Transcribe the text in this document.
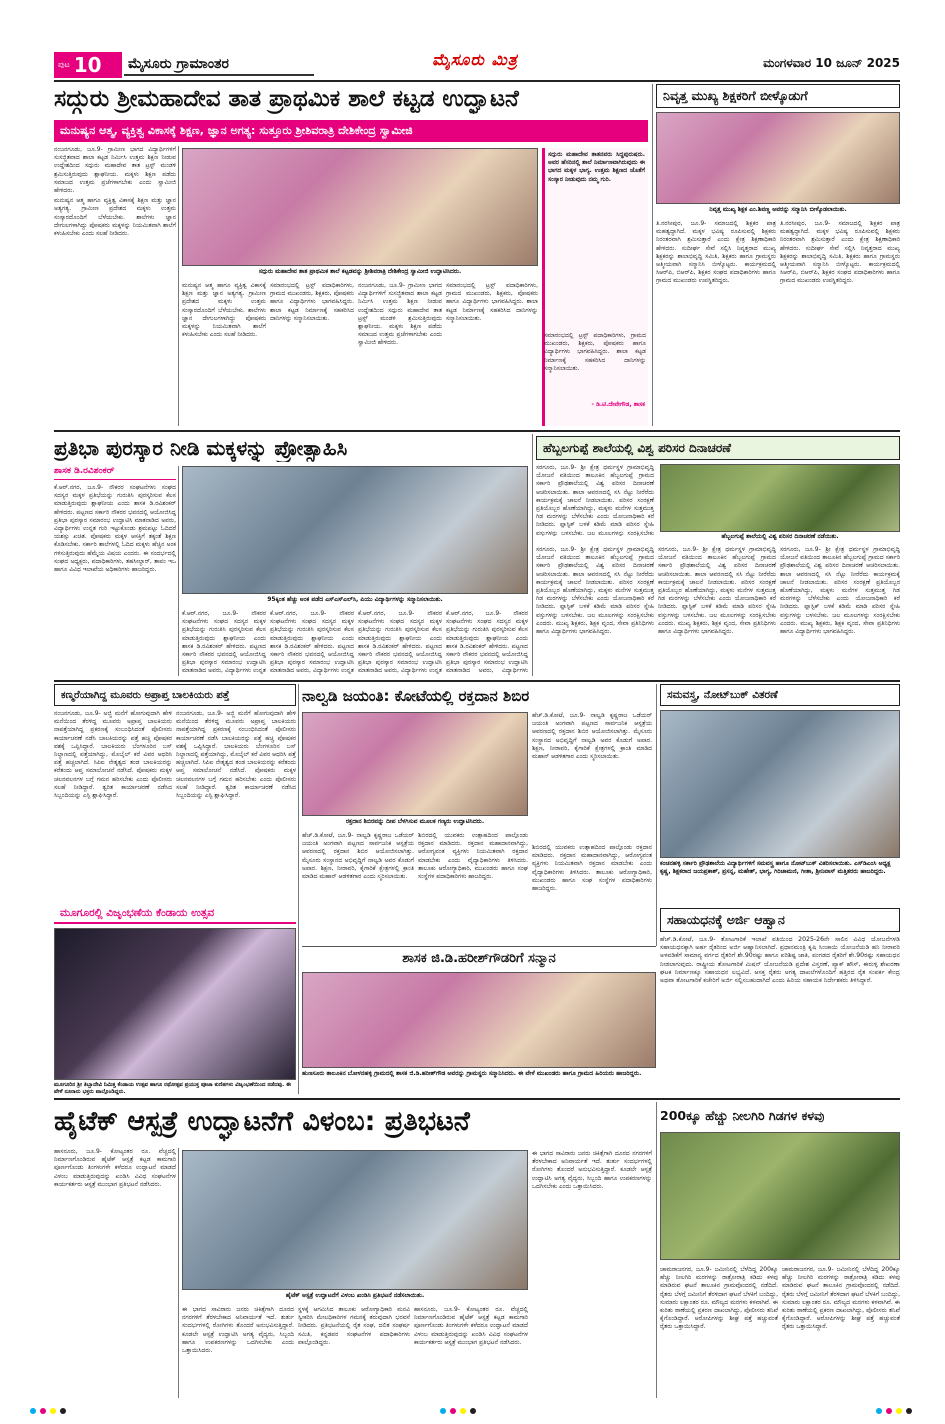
ಪುಟ 10 ಮೈಸೂರು ಗ್ರಾಮಾಂತರ	ಮೈಸೂರು ಮಿತ್ರ	ಮಂಗಳವಾರ 10 ಜೂನ್ 2025
ಸದ್ಗುರು ಶ್ರೀಮಹಾದೇವ ತಾತ ಪ್ರಾಥಮಿಕ ಶಾಲೆ ಕಟ್ಟಡ ಉದ್ಘಾಟನೆ
ಮನುಷ್ಯನ ಆತ್ಮ, ವ್ಯಕ್ತಿತ್ವ ವಿಕಾಸಕ್ಕೆ ಶಿಕ್ಷಣ, ಜ್ಞಾನ ಅಗತ್ಯ: ಸುತ್ತೂರು ಶ್ರೀಶಿವರಾತ್ರಿ ದೇಶಿಕೇಂದ್ರ ಸ್ವಾಮೀಜಿ

ನಂಜನಗೂಡು, ಜೂ.9- ಗ್ರಾಮೀಣ ಭಾಗದ ವಿದ್ಯಾರ್ಥಿಗಳಿಗೆ ಸುಸಜ್ಜಿತವಾದ ಶಾಲಾ ಕಟ್ಟಡ ನಿರ್ಮಿಸಿ ಉತ್ತಮ ಶಿಕ್ಷಣ ನೀಡುವ ಉದ್ದೇಶದಿಂದ ಸದ್ಗುರು ಮಹಾದೇವ ತಾತ ಟ್ರಸ್ಟ್ ಮಂಡಳಿ ಶ್ರಮಿಸುತ್ತಿರುವುದು ಶ್ಲಾಘನೀಯ. ಮಕ್ಕಳು ಶಿಕ್ಷಣ ಪಡೆದು ಸಮಾಜದ ಉತ್ತಮ ಪ್ರಜೆಗಳಾಗಬೇಕು ಎಂದು ಸ್ವಾಮೀಜಿ ಹೇಳಿದರು.

ಮನುಷ್ಯನ ಆತ್ಮ ಹಾಗೂ ವ್ಯಕ್ತಿತ್ವ ವಿಕಾಸಕ್ಕೆ ಶಿಕ್ಷಣ ಮತ್ತು ಜ್ಞಾನ ಅತ್ಯಗತ್ಯ. ಗ್ರಾಮೀಣ ಪ್ರದೇಶದ ಮಕ್ಕಳು ಉತ್ತಮ ಸಂಸ್ಕಾರದೊಂದಿಗೆ ಬೆಳೆಯಬೇಕು. ಶಾಲೆಗಳು ಜ್ಞಾನ ದೇಗುಲಗಳಾಗಿದ್ದು ಪೋಷಕರು ಮಕ್ಕಳನ್ನು ನಿಯಮಿತವಾಗಿ ಶಾಲೆಗೆ ಕಳುಹಿಸಬೇಕು ಎಂದು ಸಲಹೆ ನೀಡಿದರು.

ಸದ್ಗುರು ಮಹಾದೇವ ತಾತ ಪ್ರಾಥಮಿಕ ಶಾಲೆ ಕಟ್ಟಡವನ್ನು ಶ್ರೀಶಿವರಾತ್ರಿ ದೇಶಿಕೇಂದ್ರ ಸ್ವಾಮೀಜಿ ಉದ್ಘಾಟಿಸಿದರು.
ಮನುಷ್ಯನ ಆತ್ಮ ಹಾಗೂ ವ್ಯಕ್ತಿತ್ವ ವಿಕಾಸಕ್ಕೆ ಶಿಕ್ಷಣ ಮತ್ತು ಜ್ಞಾನ ಅತ್ಯಗತ್ಯ. ಗ್ರಾಮೀಣ ಪ್ರದೇಶದ ಮಕ್ಕಳು ಉತ್ತಮ ಸಂಸ್ಕಾರದೊಂದಿಗೆ ಬೆಳೆಯಬೇಕು. ಶಾಲೆಗಳು ಜ್ಞಾನ ದೇಗುಲಗಳಾಗಿದ್ದು ಪೋಷಕರು ಮಕ್ಕಳನ್ನು ನಿಯಮಿತವಾಗಿ ಶಾಲೆಗೆ ಕಳುಹಿಸಬೇಕು ಎಂದು ಸಲಹೆ ನೀಡಿದರು.
ಸಮಾರಂಭದಲ್ಲಿ ಟ್ರಸ್ಟ್ ಪದಾಧಿಕಾರಿಗಳು, ಗ್ರಾಮದ ಮುಖಂಡರು, ಶಿಕ್ಷಕರು, ಪೋಷಕರು ಹಾಗೂ ವಿದ್ಯಾರ್ಥಿಗಳು ಭಾಗವಹಿಸಿದ್ದರು. ಶಾಲಾ ಕಟ್ಟಡ ನಿರ್ಮಾಣಕ್ಕೆ ಸಹಕರಿಸಿದ ದಾನಿಗಳನ್ನು ಸನ್ಮಾನಿಸಲಾಯಿತು.
ನಂಜನಗೂಡು, ಜೂ.9- ಗ್ರಾಮೀಣ ಭಾಗದ ವಿದ್ಯಾರ್ಥಿಗಳಿಗೆ ಸುಸಜ್ಜಿತವಾದ ಶಾಲಾ ಕಟ್ಟಡ ನಿರ್ಮಿಸಿ ಉತ್ತಮ ಶಿಕ್ಷಣ ನೀಡುವ ಉದ್ದೇಶದಿಂದ ಸದ್ಗುರು ಮಹಾದೇವ ತಾತ ಟ್ರಸ್ಟ್ ಮಂಡಳಿ ಶ್ರಮಿಸುತ್ತಿರುವುದು ಶ್ಲಾಘನೀಯ. ಮಕ್ಕಳು ಶಿಕ್ಷಣ ಪಡೆದು ಸಮಾಜದ ಉತ್ತಮ ಪ್ರಜೆಗಳಾಗಬೇಕು ಎಂದು ಸ್ವಾಮೀಜಿ ಹೇಳಿದರು.
ಸಮಾರಂಭದಲ್ಲಿ ಟ್ರಸ್ಟ್ ಪದಾಧಿಕಾರಿಗಳು, ಗ್ರಾಮದ ಮುಖಂಡರು, ಶಿಕ್ಷಕರು, ಪೋಷಕರು ಹಾಗೂ ವಿದ್ಯಾರ್ಥಿಗಳು ಭಾಗವಹಿಸಿದ್ದರು. ಶಾಲಾ ಕಟ್ಟಡ ನಿರ್ಮಾಣಕ್ಕೆ ಸಹಕರಿಸಿದ ದಾನಿಗಳನ್ನು ಸನ್ಮಾನಿಸಲಾಯಿತು.
ಸದ್ಗುರು ಮಹಾದೇವ ತಾತನವರು ಸಿದ್ಧಪುರುಷರು. ಅವರ ಹೆಸರಿನಲ್ಲಿ ಶಾಲೆ ನಿರ್ಮಾಣವಾಗಿರುವುದು ಈ ಭಾಗದ ಮಕ್ಕಳ ಭಾಗ್ಯ. ಉತ್ತಮ ಶಿಕ್ಷಣದ ಜೊತೆಗೆ ಸಂಸ್ಕಾರ ನೀಡುವುದು ನಮ್ಮ ಗುರಿ.
- ಡಿ.ಟಿ.ದೇವೇಗೌಡ, ಶಾಸಕ
ಸಮಾರಂಭದಲ್ಲಿ ಟ್ರಸ್ಟ್ ಪದಾಧಿಕಾರಿಗಳು, ಗ್ರಾಮದ ಮುಖಂಡರು, ಶಿಕ್ಷಕರು, ಪೋಷಕರು ಹಾಗೂ ವಿದ್ಯಾರ್ಥಿಗಳು ಭಾಗವಹಿಸಿದ್ದರು. ಶಾಲಾ ಕಟ್ಟಡ ನಿರ್ಮಾಣಕ್ಕೆ ಸಹಕರಿಸಿದ ದಾನಿಗಳನ್ನು ಸನ್ಮಾನಿಸಲಾಯಿತು.
ನಿವೃತ್ತ ಮುಖ್ಯ ಶಿಕ್ಷಕರಿಗೆ ಬೀಳ್ಕೊಡುಗೆ
ನಿವೃತ್ತ ಮುಖ್ಯ ಶಿಕ್ಷಕ ಎಂ.ಶಿವಣ್ಣ ಅವರನ್ನು ಸನ್ಮಾನಿಸಿ ಬೀಳ್ಕೊಡಲಾಯಿತು.
ತಿ.ನರಸೀಪುರ, ಜೂ.9- ಸಮಾಜದಲ್ಲಿ ಶಿಕ್ಷಕರ ಪಾತ್ರ ಮಹತ್ವದ್ದಾಗಿದೆ. ಮಕ್ಕಳ ಭವಿಷ್ಯ ರೂಪಿಸುವಲ್ಲಿ ಶಿಕ್ಷಕರು ನಿರಂತರವಾಗಿ ಶ್ರಮಿಸುತ್ತಾರೆ ಎಂದು ಕ್ಷೇತ್ರ ಶಿಕ್ಷಣಾಧಿಕಾರಿ ಹೇಳಿದರು. ಸುದೀರ್ಘ ಸೇವೆ ಸಲ್ಲಿಸಿ ನಿವೃತ್ತರಾದ ಮುಖ್ಯ ಶಿಕ್ಷಕರನ್ನು ಶಾಲಾಭಿವೃದ್ಧಿ ಸಮಿತಿ, ಶಿಕ್ಷಕರು ಹಾಗೂ ಗ್ರಾಮಸ್ಥರು ಆತ್ಮೀಯವಾಗಿ ಸನ್ಮಾನಿಸಿ ಬೀಳ್ಕೊಟ್ಟರು. ಕಾರ್ಯಕ್ರಮದಲ್ಲಿ ಸಿಆರ್‌ಪಿ, ಬಿಆರ್‌ಪಿ, ಶಿಕ್ಷಕರ ಸಂಘದ ಪದಾಧಿಕಾರಿಗಳು ಹಾಗೂ ಗ್ರಾಮದ ಮುಖಂಡರು ಉಪಸ್ಥಿತರಿದ್ದರು.
ತಿ.ನರಸೀಪುರ, ಜೂ.9- ಸಮಾಜದಲ್ಲಿ ಶಿಕ್ಷಕರ ಪಾತ್ರ ಮಹತ್ವದ್ದಾಗಿದೆ. ಮಕ್ಕಳ ಭವಿಷ್ಯ ರೂಪಿಸುವಲ್ಲಿ ಶಿಕ್ಷಕರು ನಿರಂತರವಾಗಿ ಶ್ರಮಿಸುತ್ತಾರೆ ಎಂದು ಕ್ಷೇತ್ರ ಶಿಕ್ಷಣಾಧಿಕಾರಿ ಹೇಳಿದರು. ಸುದೀರ್ಘ ಸೇವೆ ಸಲ್ಲಿಸಿ ನಿವೃತ್ತರಾದ ಮುಖ್ಯ ಶಿಕ್ಷಕರನ್ನು ಶಾಲಾಭಿವೃದ್ಧಿ ಸಮಿತಿ, ಶಿಕ್ಷಕರು ಹಾಗೂ ಗ್ರಾಮಸ್ಥರು ಆತ್ಮೀಯವಾಗಿ ಸನ್ಮಾನಿಸಿ ಬೀಳ್ಕೊಟ್ಟರು. ಕಾರ್ಯಕ್ರಮದಲ್ಲಿ ಸಿಆರ್‌ಪಿ, ಬಿಆರ್‌ಪಿ, ಶಿಕ್ಷಕರ ಸಂಘದ ಪದಾಧಿಕಾರಿಗಳು ಹಾಗೂ ಗ್ರಾಮದ ಮುಖಂಡರು ಉಪಸ್ಥಿತರಿದ್ದರು.
ಪ್ರತಿಭಾ ಪುರಸ್ಕಾರ ನೀಡಿ ಮಕ್ಕಳನ್ನು ಪ್ರೋತ್ಸಾಹಿಸಿ
ಶಾಸಕ ಡಿ.ರವಿಶಂಕರ್
ಕೆ.ಆರ್.ನಗರ, ಜೂ.9- ನೌಕರರ ಸಂಘಟನೆಗಳು ಸಂಘದ ಸದಸ್ಯರ ಮಕ್ಕಳ ಪ್ರತಿಭೆಯನ್ನು ಗುರುತಿಸಿ ಪುರಸ್ಕರಿಸುವ ಕೆಲಸ ಮಾಡುತ್ತಿರುವುದು ಶ್ಲಾಘನೀಯ ಎಂದು ಶಾಸಕ ಡಿ.ರವಿಶಂಕರ್ ಹೇಳಿದರು. ಪಟ್ಟಣದ ಸರ್ಕಾರಿ ನೌಕರರ ಭವನದಲ್ಲಿ ಆಯೋಜಿಸಿದ್ದ ಪ್ರತಿಭಾ ಪುರಸ್ಕಾರ ಸಮಾರಂಭ ಉದ್ಘಾಟಿಸಿ ಮಾತನಾಡಿದ ಅವರು, ವಿದ್ಯಾರ್ಥಿಗಳು ಉನ್ನತ ಗುರಿ ಇಟ್ಟುಕೊಂಡು ಶ್ರಮಪಟ್ಟು ಓದಿದರೆ ಯಶಸ್ಸು ಖಚಿತ. ಪೋಷಕರು ಮಕ್ಕಳ ಆಸಕ್ತಿಗೆ ತಕ್ಕಂತೆ ಶಿಕ್ಷಣ ಕೊಡಿಸಬೇಕು. ಸರ್ಕಾರಿ ಶಾಲೆಗಳಲ್ಲಿ ಓದಿದ ಮಕ್ಕಳು ಹೆಚ್ಚಿನ ಅಂಕ ಗಳಿಸುತ್ತಿರುವುದು ಹೆಮ್ಮೆಯ ವಿಷಯ ಎಂದರು. ಈ ಸಂದರ್ಭದಲ್ಲಿ ಸಂಘದ ಅಧ್ಯಕ್ಷರು, ಪದಾಧಿಕಾರಿಗಳು, ತಹಸೀಲ್ದಾರ್, ತಾಪಂ ಇಒ ಹಾಗೂ ವಿವಿಧ ಇಲಾಖೆಯ ಅಧಿಕಾರಿಗಳು ಹಾಜರಿದ್ದರು.
95ಕ್ಕಿಂತ ಹೆಚ್ಚು ಅಂಕ ಪಡೆದ ಎಸ್‌ಎಸ್‌ಎಲ್‌ಸಿ, ಪಿಯು ವಿದ್ಯಾರ್ಥಿಗಳನ್ನು ಸನ್ಮಾನಿಸಲಾಯಿತು.
ಕೆ.ಆರ್.ನಗರ, ಜೂ.9- ನೌಕರರ ಸಂಘಟನೆಗಳು ಸಂಘದ ಸದಸ್ಯರ ಮಕ್ಕಳ ಪ್ರತಿಭೆಯನ್ನು ಗುರುತಿಸಿ ಪುರಸ್ಕರಿಸುವ ಕೆಲಸ ಮಾಡುತ್ತಿರುವುದು ಶ್ಲಾಘನೀಯ ಎಂದು ಶಾಸಕ ಡಿ.ರವಿಶಂಕರ್ ಹೇಳಿದರು. ಪಟ್ಟಣದ ಸರ್ಕಾರಿ ನೌಕರರ ಭವನದಲ್ಲಿ ಆಯೋಜಿಸಿದ್ದ ಪ್ರತಿಭಾ ಪುರಸ್ಕಾರ ಸಮಾರಂಭ ಉದ್ಘಾಟಿಸಿ ಮಾತನಾಡಿದ ಅವರು, ವಿದ್ಯಾರ್ಥಿಗಳು ಉನ್ನತ
ಕೆ.ಆರ್.ನಗರ, ಜೂ.9- ನೌಕರರ ಸಂಘಟನೆಗಳು ಸಂಘದ ಸದಸ್ಯರ ಮಕ್ಕಳ ಪ್ರತಿಭೆಯನ್ನು ಗುರುತಿಸಿ ಪುರಸ್ಕರಿಸುವ ಕೆಲಸ ಮಾಡುತ್ತಿರುವುದು ಶ್ಲಾಘನೀಯ ಎಂದು ಶಾಸಕ ಡಿ.ರವಿಶಂಕರ್ ಹೇಳಿದರು. ಪಟ್ಟಣದ ಸರ್ಕಾರಿ ನೌಕರರ ಭವನದಲ್ಲಿ ಆಯೋಜಿಸಿದ್ದ ಪ್ರತಿಭಾ ಪುರಸ್ಕಾರ ಸಮಾರಂಭ ಉದ್ಘಾಟಿಸಿ ಮಾತನಾಡಿದ ಅವರು, ವಿದ್ಯಾರ್ಥಿಗಳು ಉನ್ನತ
ಕೆ.ಆರ್.ನಗರ, ಜೂ.9- ನೌಕರರ ಸಂಘಟನೆಗಳು ಸಂಘದ ಸದಸ್ಯರ ಮಕ್ಕಳ ಪ್ರತಿಭೆಯನ್ನು ಗುರುತಿಸಿ ಪುರಸ್ಕರಿಸುವ ಕೆಲಸ ಮಾಡುತ್ತಿರುವುದು ಶ್ಲಾಘನೀಯ ಎಂದು ಶಾಸಕ ಡಿ.ರವಿಶಂಕರ್ ಹೇಳಿದರು. ಪಟ್ಟಣದ ಸರ್ಕಾರಿ ನೌಕರರ ಭವನದಲ್ಲಿ ಆಯೋಜಿಸಿದ್ದ ಪ್ರತಿಭಾ ಪುರಸ್ಕಾರ ಸಮಾರಂಭ ಉದ್ಘಾಟಿಸಿ ಮಾತನಾಡಿದ ಅವರು, ವಿದ್ಯಾರ್ಥಿಗಳು ಉನ್ನತ
ಕೆ.ಆರ್.ನಗರ, ಜೂ.9- ನೌಕರರ ಸಂಘಟನೆಗಳು ಸಂಘದ ಸದಸ್ಯರ ಮಕ್ಕಳ ಪ್ರತಿಭೆಯನ್ನು ಗುರುತಿಸಿ ಪುರಸ್ಕರಿಸುವ ಕೆಲಸ ಮಾಡುತ್ತಿರುವುದು ಶ್ಲಾಘನೀಯ ಎಂದು ಶಾಸಕ ಡಿ.ರವಿಶಂಕರ್ ಹೇಳಿದರು. ಪಟ್ಟಣದ ಸರ್ಕಾರಿ ನೌಕರರ ಭವನದಲ್ಲಿ ಆಯೋಜಿಸಿದ್ದ ಪ್ರತಿಭಾ ಪುರಸ್ಕಾರ ಸಮಾರಂಭ ಉದ್ಘಾಟಿಸಿ ಮಾತನಾಡಿದ ಅವರು, ವಿದ್ಯಾರ್ಥಿಗಳು
ಹೆಬ್ಬಲಗುಪ್ಪೆ ಶಾಲೆಯಲ್ಲಿ ವಿಶ್ವ ಪರಿಸರ ದಿನಾಚರಣೆ
ಸರಗೂರು, ಜೂ.9- ಶ್ರೀ ಕ್ಷೇತ್ರ ಧರ್ಮಸ್ಥಳ ಗ್ರಾಮಾಭಿವೃದ್ಧಿ ಯೋಜನೆ ವತಿಯಿಂದ ತಾಲೂಕಿನ ಹೆಬ್ಬಲಗುಪ್ಪೆ ಗ್ರಾಮದ ಸರ್ಕಾರಿ ಪ್ರೌಢಶಾಲೆಯಲ್ಲಿ ವಿಶ್ವ ಪರಿಸರ ದಿನಾಚರಣೆ ಆಚರಿಸಲಾಯಿತು. ಶಾಲಾ ಆವರಣದಲ್ಲಿ ಸಸಿ ನೆಟ್ಟು ನೀರೆರೆದು ಕಾರ್ಯಕ್ರಮಕ್ಕೆ ಚಾಲನೆ ನೀಡಲಾಯಿತು. ಪರಿಸರ ಸಂರಕ್ಷಣೆ ಪ್ರತಿಯೊಬ್ಬರ ಹೊಣೆಯಾಗಿದ್ದು, ಮಕ್ಕಳು ಮನೆಗಳ ಸುತ್ತಮುತ್ತ ಗಿಡ ಮರಗಳನ್ನು ಬೆಳೆಸಬೇಕು ಎಂದು ಯೋಜನಾಧಿಕಾರಿ ಕರೆ ನೀಡಿದರು. ಪ್ಲಾಸ್ಟಿಕ್ ಬಳಕೆ ಕಡಿಮೆ ಮಾಡಿ ಪರಿಸರ ಸ್ನೇಹಿ ವಸ್ತುಗಳನ್ನು ಬಳಸಬೇಕು. ಜಲ ಮೂಲಗಳನ್ನು ಸಂರಕ್ಷಿಸಬೇಕು	ಹೆಬ್ಬಲಗುಪ್ಪೆ ಶಾಲೆಯಲ್ಲಿ ವಿಶ್ವ ಪರಿಸರ ದಿನಾಚರಣೆ ನಡೆಯಿತು.
ಸರಗೂರು, ಜೂ.9- ಶ್ರೀ ಕ್ಷೇತ್ರ ಧರ್ಮಸ್ಥಳ ಗ್ರಾಮಾಭಿವೃದ್ಧಿ ಯೋಜನೆ ವತಿಯಿಂದ ತಾಲೂಕಿನ ಹೆಬ್ಬಲಗುಪ್ಪೆ ಗ್ರಾಮದ ಸರ್ಕಾರಿ ಪ್ರೌಢಶಾಲೆಯಲ್ಲಿ ವಿಶ್ವ ಪರಿಸರ ದಿನಾಚರಣೆ ಆಚರಿಸಲಾಯಿತು. ಶಾಲಾ ಆವರಣದಲ್ಲಿ ಸಸಿ ನೆಟ್ಟು ನೀರೆರೆದು ಕಾರ್ಯಕ್ರಮಕ್ಕೆ ಚಾಲನೆ ನೀಡಲಾಯಿತು. ಪರಿಸರ ಸಂರಕ್ಷಣೆ ಪ್ರತಿಯೊಬ್ಬರ ಹೊಣೆಯಾಗಿದ್ದು, ಮಕ್ಕಳು ಮನೆಗಳ ಸುತ್ತಮುತ್ತ ಗಿಡ ಮರಗಳನ್ನು ಬೆಳೆಸಬೇಕು ಎಂದು ಯೋಜನಾಧಿಕಾರಿ ಕರೆ ನೀಡಿದರು. ಪ್ಲಾಸ್ಟಿಕ್ ಬಳಕೆ ಕಡಿಮೆ ಮಾಡಿ ಪರಿಸರ ಸ್ನೇಹಿ ವಸ್ತುಗಳನ್ನು ಬಳಸಬೇಕು. ಜಲ ಮೂಲಗಳನ್ನು ಸಂರಕ್ಷಿಸಬೇಕು ಎಂದರು. ಮುಖ್ಯ ಶಿಕ್ಷಕರು, ಶಿಕ್ಷಕ ವೃಂದ, ಸೇವಾ ಪ್ರತಿನಿಧಿಗಳು ಹಾಗೂ ವಿದ್ಯಾರ್ಥಿಗಳು ಭಾಗವಹಿಸಿದ್ದರು.
ಸರಗೂರು, ಜೂ.9- ಶ್ರೀ ಕ್ಷೇತ್ರ ಧರ್ಮಸ್ಥಳ ಗ್ರಾಮಾಭಿವೃದ್ಧಿ ಯೋಜನೆ ವತಿಯಿಂದ ತಾಲೂಕಿನ ಹೆಬ್ಬಲಗುಪ್ಪೆ ಗ್ರಾಮದ ಸರ್ಕಾರಿ ಪ್ರೌಢಶಾಲೆಯಲ್ಲಿ ವಿಶ್ವ ಪರಿಸರ ದಿನಾಚರಣೆ ಆಚರಿಸಲಾಯಿತು. ಶಾಲಾ ಆವರಣದಲ್ಲಿ ಸಸಿ ನೆಟ್ಟು ನೀರೆರೆದು ಕಾರ್ಯಕ್ರಮಕ್ಕೆ ಚಾಲನೆ ನೀಡಲಾಯಿತು. ಪರಿಸರ ಸಂರಕ್ಷಣೆ ಪ್ರತಿಯೊಬ್ಬರ ಹೊಣೆಯಾಗಿದ್ದು, ಮಕ್ಕಳು ಮನೆಗಳ ಸುತ್ತಮುತ್ತ ಗಿಡ ಮರಗಳನ್ನು ಬೆಳೆಸಬೇಕು ಎಂದು ಯೋಜನಾಧಿಕಾರಿ ಕರೆ ನೀಡಿದರು. ಪ್ಲಾಸ್ಟಿಕ್ ಬಳಕೆ ಕಡಿಮೆ ಮಾಡಿ ಪರಿಸರ ಸ್ನೇಹಿ ವಸ್ತುಗಳನ್ನು ಬಳಸಬೇಕು. ಜಲ ಮೂಲಗಳನ್ನು ಸಂರಕ್ಷಿಸಬೇಕು ಎಂದರು. ಮುಖ್ಯ ಶಿಕ್ಷಕರು, ಶಿಕ್ಷಕ ವೃಂದ, ಸೇವಾ ಪ್ರತಿನಿಧಿಗಳು ಹಾಗೂ ವಿದ್ಯಾರ್ಥಿಗಳು ಭಾಗವಹಿಸಿದ್ದರು.
ಸರಗೂರು, ಜೂ.9- ಶ್ರೀ ಕ್ಷೇತ್ರ ಧರ್ಮಸ್ಥಳ ಗ್ರಾಮಾಭಿವೃದ್ಧಿ ಯೋಜನೆ ವತಿಯಿಂದ ತಾಲೂಕಿನ ಹೆಬ್ಬಲಗುಪ್ಪೆ ಗ್ರಾಮದ ಸರ್ಕಾರಿ ಪ್ರೌಢಶಾಲೆಯಲ್ಲಿ ವಿಶ್ವ ಪರಿಸರ ದಿನಾಚರಣೆ ಆಚರಿಸಲಾಯಿತು. ಶಾಲಾ ಆವರಣದಲ್ಲಿ ಸಸಿ ನೆಟ್ಟು ನೀರೆರೆದು ಕಾರ್ಯಕ್ರಮಕ್ಕೆ ಚಾಲನೆ ನೀಡಲಾಯಿತು. ಪರಿಸರ ಸಂರಕ್ಷಣೆ ಪ್ರತಿಯೊಬ್ಬರ ಹೊಣೆಯಾಗಿದ್ದು, ಮಕ್ಕಳು ಮನೆಗಳ ಸುತ್ತಮುತ್ತ ಗಿಡ ಮರಗಳನ್ನು ಬೆಳೆಸಬೇಕು ಎಂದು ಯೋಜನಾಧಿಕಾರಿ ಕರೆ ನೀಡಿದರು. ಪ್ಲಾಸ್ಟಿಕ್ ಬಳಕೆ ಕಡಿಮೆ ಮಾಡಿ ಪರಿಸರ ಸ್ನೇಹಿ ವಸ್ತುಗಳನ್ನು ಬಳಸಬೇಕು. ಜಲ ಮೂಲಗಳನ್ನು ಸಂರಕ್ಷಿಸಬೇಕು ಎಂದರು. ಮುಖ್ಯ ಶಿಕ್ಷಕರು, ಶಿಕ್ಷಕ ವೃಂದ, ಸೇವಾ ಪ್ರತಿನಿಧಿಗಳು ಹಾಗೂ ವಿದ್ಯಾರ್ಥಿಗಳು ಭಾಗವಹಿಸಿದ್ದರು.
ಕಣ್ಮರೆಯಾಗಿದ್ದ ಮೂವರು ಅಪ್ರಾಪ್ತ ಬಾಲಕಿಯರು ಪತ್ತೆ
ನಂಜನಗೂಡು, ಜೂ.9- ಅಜ್ಜಿ ಮನೆಗೆ ಹೋಗುವುದಾಗಿ ಹೇಳಿ ಮನೆಯಿಂದ ತೆರಳಿದ್ದ ಮೂವರು ಅಪ್ರಾಪ್ತ ಬಾಲಕಿಯರು ನಾಪತ್ತೆಯಾಗಿದ್ದ ಪ್ರಕರಣಕ್ಕೆ ಸಂಬಂಧಿಸಿದಂತೆ ಪೊಲೀಸರು ಕಾರ್ಯಾಚರಣೆ ನಡೆಸಿ ಬಾಲಕಿಯರನ್ನು ಪತ್ತೆ ಹಚ್ಚಿ ಪೋಷಕರ ವಶಕ್ಕೆ ಒಪ್ಪಿಸಿದ್ದಾರೆ. ಬಾಲಕಿಯರು ಬೆಂಗಳೂರಿನ ಬಸ್ ನಿಲ್ದಾಣದಲ್ಲಿ ಪತ್ತೆಯಾಗಿದ್ದು, ಮೊಬೈಲ್ ಕರೆ ವಿವರ ಆಧರಿಸಿ ಪತ್ತೆ ಹಚ್ಚಲಾಗಿದೆ. ಸಿಪಿಐ ನೇತೃತ್ವದ ತಂಡ ಬಾಲಕಿಯರನ್ನು ಕರೆತಂದು ಆಪ್ತ ಸಮಾಲೋಚನೆ ನಡೆಸಿದೆ. ಪೋಷಕರು ಮಕ್ಕಳ ಚಲನವಲನಗಳ ಬಗ್ಗೆ ಗಮನ ಹರಿಸಬೇಕು ಎಂದು ಪೊಲೀಸರು ಸಲಹೆ ನೀಡಿದ್ದಾರೆ. ತ್ವರಿತ ಕಾರ್ಯಾಚರಣೆ ನಡೆಸಿದ ಸಿಬ್ಬಂದಿಯನ್ನು ಎಸ್ಪಿ ಶ್ಲಾಘಿಸಿದ್ದಾರೆ.
ನಂಜನಗೂಡು, ಜೂ.9- ಅಜ್ಜಿ ಮನೆಗೆ ಹೋಗುವುದಾಗಿ ಹೇಳಿ ಮನೆಯಿಂದ ತೆರಳಿದ್ದ ಮೂವರು ಅಪ್ರಾಪ್ತ ಬಾಲಕಿಯರು ನಾಪತ್ತೆಯಾಗಿದ್ದ ಪ್ರಕರಣಕ್ಕೆ ಸಂಬಂಧಿಸಿದಂತೆ ಪೊಲೀಸರು ಕಾರ್ಯಾಚರಣೆ ನಡೆಸಿ ಬಾಲಕಿಯರನ್ನು ಪತ್ತೆ ಹಚ್ಚಿ ಪೋಷಕರ ವಶಕ್ಕೆ ಒಪ್ಪಿಸಿದ್ದಾರೆ. ಬಾಲಕಿಯರು ಬೆಂಗಳೂರಿನ ಬಸ್ ನಿಲ್ದಾಣದಲ್ಲಿ ಪತ್ತೆಯಾಗಿದ್ದು, ಮೊಬೈಲ್ ಕರೆ ವಿವರ ಆಧರಿಸಿ ಪತ್ತೆ ಹಚ್ಚಲಾಗಿದೆ. ಸಿಪಿಐ ನೇತೃತ್ವದ ತಂಡ ಬಾಲಕಿಯರನ್ನು ಕರೆತಂದು ಆಪ್ತ ಸಮಾಲೋಚನೆ ನಡೆಸಿದೆ. ಪೋಷಕರು ಮಕ್ಕಳ ಚಲನವಲನಗಳ ಬಗ್ಗೆ ಗಮನ ಹರಿಸಬೇಕು ಎಂದು ಪೊಲೀಸರು ಸಲಹೆ ನೀಡಿದ್ದಾರೆ. ತ್ವರಿತ ಕಾರ್ಯಾಚರಣೆ ನಡೆಸಿದ ಸಿಬ್ಬಂದಿಯನ್ನು ಎಸ್ಪಿ ಶ್ಲಾಘಿಸಿದ್ದಾರೆ.
ಮೂಗೂರಲ್ಲಿ ವಿಜೃಂಭಣೆಯ ಕೆಂಡಾಯ ಉತ್ಸವ
ನಾಲ್ವಡಿ ಜಯಂತಿ: ಕೋಟೆಯಲ್ಲಿ ರಕ್ತದಾನ ಶಿಬಿರ
ರಕ್ತದಾನ ಶಿಬಿರವನ್ನು ದೀಪ ಬೆಳಗಿಸುವ ಮೂಲಕ ಗಣ್ಯರು ಉದ್ಘಾಟಿಸಿದರು.
ಹೆಚ್.ಡಿ.ಕೋಟೆ, ಜೂ.9- ನಾಲ್ವಡಿ ಕೃಷ್ಣರಾಜ ಒಡೆಯರ್ ಜಯಂತಿ ಅಂಗವಾಗಿ ಪಟ್ಟಣದ ಸಾರ್ವಜನಿಕ ಆಸ್ಪತ್ರೆಯ ಆವರಣದಲ್ಲಿ ರಕ್ತದಾನ ಶಿಬಿರ ಆಯೋಜಿಸಲಾಗಿತ್ತು. ಮೈಸೂರು ಸಂಸ್ಥಾನದ ಅಭಿವೃದ್ಧಿಗೆ ನಾಲ್ವಡಿ ಅವರ ಕೊಡುಗೆ ಅಪಾರ. ಶಿಕ್ಷಣ, ನೀರಾವರಿ, ಕೈಗಾರಿಕೆ ಕ್ಷೇತ್ರಗಳಲ್ಲಿ ಕ್ರಾಂತಿ ಮಾಡಿದ ಮಹಾನ್ ಆಡಳಿತಗಾರ ಎಂದು ಸ್ಮರಿಸಲಾಯಿತು.
ಹೆಚ್.ಡಿ.ಕೋಟೆ, ಜೂ.9- ನಾಲ್ವಡಿ ಕೃಷ್ಣರಾಜ ಒಡೆಯರ್ ಜಯಂತಿ ಅಂಗವಾಗಿ ಪಟ್ಟಣದ ಸಾರ್ವಜನಿಕ ಆಸ್ಪತ್ರೆಯ ಆವರಣದಲ್ಲಿ ರಕ್ತದಾನ ಶಿಬಿರ ಆಯೋಜಿಸಲಾಗಿತ್ತು. ಮೈಸೂರು ಸಂಸ್ಥಾನದ ಅಭಿವೃದ್ಧಿಗೆ ನಾಲ್ವಡಿ ಅವರ ಕೊಡುಗೆ ಅಪಾರ. ಶಿಕ್ಷಣ, ನೀರಾವರಿ, ಕೈಗಾರಿಕೆ ಕ್ಷೇತ್ರಗಳಲ್ಲಿ ಕ್ರಾಂತಿ ಮಾಡಿದ ಮಹಾನ್ ಆಡಳಿತಗಾರ ಎಂದು ಸ್ಮರಿಸಲಾಯಿತು.
ಶಿಬಿರದಲ್ಲಿ ಯುವಕರು ಉತ್ಸಾಹದಿಂದ ಪಾಲ್ಗೊಂಡು ರಕ್ತದಾನ ಮಾಡಿದರು. ರಕ್ತದಾನ ಮಹಾದಾನವಾಗಿದ್ದು, ಆರೋಗ್ಯವಂತ ವ್ಯಕ್ತಿಗಳು ನಿಯಮಿತವಾಗಿ ರಕ್ತದಾನ ಮಾಡಬೇಕು ಎಂದು ವೈದ್ಯಾಧಿಕಾರಿಗಳು ತಿಳಿಸಿದರು. ತಾಲೂಕು ಆರೋಗ್ಯಾಧಿಕಾರಿ, ಮುಖಂಡರು ಹಾಗೂ ಸಂಘ ಸಂಸ್ಥೆಗಳ ಪದಾಧಿಕಾರಿಗಳು ಹಾಜರಿದ್ದರು.
ಶಿಬಿರದಲ್ಲಿ ಯುವಕರು ಉತ್ಸಾಹದಿಂದ ಪಾಲ್ಗೊಂಡು ರಕ್ತದಾನ ಮಾಡಿದರು. ರಕ್ತದಾನ ಮಹಾದಾನವಾಗಿದ್ದು, ಆರೋಗ್ಯವಂತ ವ್ಯಕ್ತಿಗಳು ನಿಯಮಿತವಾಗಿ ರಕ್ತದಾನ ಮಾಡಬೇಕು ಎಂದು ವೈದ್ಯಾಧಿಕಾರಿಗಳು ತಿಳಿಸಿದರು. ತಾಲೂಕು ಆರೋಗ್ಯಾಧಿಕಾರಿ, ಮುಖಂಡರು ಹಾಗೂ ಸಂಘ ಸಂಸ್ಥೆಗಳ ಪದಾಧಿಕಾರಿಗಳು ಹಾಜರಿದ್ದರು.
ಸಮವಸ್ತ್ರ, ನೋಟ್‌ಬುಕ್ ವಿತರಣೆ
ಕಂಚನಹಳ್ಳಿ ಸರ್ಕಾರಿ ಪ್ರೌಢಶಾಲೆಯ ವಿದ್ಯಾರ್ಥಿಗಳಿಗೆ ಸಮವಸ್ತ್ರ ಹಾಗೂ ನೋಟ್‌ಬುಕ್ ವಿತರಿಸಲಾಯಿತು. ಎಸ್‌ಡಿಎಂಸಿ ಅಧ್ಯಕ್ಷ ಕೃಷ್ಣ, ಶಿಕ್ಷಕರಾದ ಜಯಪ್ರಕಾಶ್, ಪ್ರಸನ್ನ, ಮಹೇಶ್, ಭಾಗ್ಯ, ಗಿರಿಜಾಮಣಿ, ಗೀತಾ, ಶ್ರೀನಿವಾಸ್ ಮತ್ತಿತರರು ಹಾಜರಿದ್ದರು.
ಸಹಾಯಧನಕ್ಕೆ ಅರ್ಜಿ ಆಹ್ವಾನ
ಹೆಚ್.ಡಿ.ಕೋಟೆ, ಜೂ.9- ತೋಟಗಾರಿಕೆ ಇಲಾಖೆ ವತಿಯಿಂದ 2025-26ನೇ ಸಾಲಿನ ವಿವಿಧ ಯೋಜನೆಗಳಡಿ ಸಹಾಯಧನಕ್ಕಾಗಿ ಅರ್ಹ ರೈತರಿಂದ ಅರ್ಜಿ ಆಹ್ವಾನಿಸಲಾಗಿದೆ. ಪ್ರಧಾನಮಂತ್ರಿ ಕೃಷಿ ಸಿಂಚಾಯಿ ಯೋಜನೆಯಡಿ ಹನಿ ನೀರಾವರಿ ಅಳವಡಿಕೆಗೆ ಸಾಮಾನ್ಯ ವರ್ಗದ ರೈತರಿಗೆ ಶೇ.90ರಷ್ಟು ಹಾಗೂ ಪರಿಶಿಷ್ಟ ಜಾತಿ, ಪಂಗಡದ ರೈತರಿಗೆ ಶೇ.90ರಷ್ಟು ಸಹಾಯಧನ ನೀಡಲಾಗುವುದು. ರಾಷ್ಟ್ರೀಯ ತೋಟಗಾರಿಕೆ ಮಿಷನ್ ಯೋಜನೆಯಡಿ ಪ್ರದೇಶ ವಿಸ್ತರಣೆ, ಪ್ಯಾಕ್ ಹೌಸ್, ಈರುಳ್ಳಿ ಶೇಖರಣಾ ಘಟಕ ನಿರ್ಮಾಣಕ್ಕೂ ಸಹಾಯಧನ ಲಭ್ಯವಿದೆ. ಆಸಕ್ತ ರೈತರು ಅಗತ್ಯ ದಾಖಲೆಗಳೊಂದಿಗೆ ಹತ್ತಿರದ ರೈತ ಸಂಪರ್ಕ ಕೇಂದ್ರ ಅಥವಾ ತೋಟಗಾರಿಕೆ ಕಚೇರಿಗೆ ಅರ್ಜಿ ಸಲ್ಲಿಸಬಹುದಾಗಿದೆ ಎಂದು ಹಿರಿಯ ಸಹಾಯಕ ನಿರ್ದೇಶಕರು ತಿಳಿಸಿದ್ದಾರೆ.
ಶಾಸಕ ಜಿ.ಡಿ.ಹರೀಶ್‌ಗೌಡರಿಗೆ ಸನ್ಮಾನ
ಹುಣಸೂರು ತಾಲೂಕಿನ ಬೋಳನಹಳ್ಳಿ ಗ್ರಾಮದಲ್ಲಿ ಶಾಸಕ ಜಿ.ಡಿ.ಹರೀಶ್‌ಗೌಡ ಅವರನ್ನು ಗ್ರಾಮಸ್ಥರು ಸನ್ಮಾನಿಸಿದರು. ಈ ವೇಳೆ ಮುಖಂಡರು ಹಾಗೂ ಗ್ರಾಮದ ಹಿರಿಯರು ಹಾಜರಿದ್ದರು.
ಮೂಗೂರಿನ ಶ್ರೀ ತಿಬ್ಬಾದೇವಿ ನಿಮಿತ್ತ ಕೆಂಡಾಯ ಉತ್ಸವ ಹಾಗೂ ರಥೋತ್ಸವ ಪ್ರಯುಕ್ತ ಪೂಜಾ ಕುಣಿತಗಳು ವಿಜೃಂಭಣೆಯಿಂದ ನಡೆದವು. ಈ ವೇಳೆ ನೂರಾರು ಭಕ್ತರು ಪಾಲ್ಗೊಂಡಿದ್ದರು.
ಹೈಟೆಕ್ ಆಸ್ಪತ್ರೆ ಉದ್ಘಾಟನೆಗೆ ವಿಳಂಬ: ಪ್ರತಿಭಟನೆ
ಹಾಸನೂರು, ಜೂ.9- ಕೋಟ್ಯಂತರ ರೂ. ವೆಚ್ಚದಲ್ಲಿ ನಿರ್ಮಾಣಗೊಂಡಿರುವ ಹೈಟೆಕ್ ಆಸ್ಪತ್ರೆ ಕಟ್ಟಡ ಕಾಮಗಾರಿ ಪೂರ್ಣಗೊಂಡು ತಿಂಗಳುಗಳೇ ಕಳೆದರೂ ಉದ್ಘಾಟನೆ ಮಾಡದೆ ವಿಳಂಬ ಮಾಡುತ್ತಿರುವುದನ್ನು ಖಂಡಿಸಿ ವಿವಿಧ ಸಂಘಟನೆಗಳ ಕಾರ್ಯಕರ್ತರು ಆಸ್ಪತ್ರೆ ಮುಂಭಾಗ ಪ್ರತಿಭಟನೆ ನಡೆಸಿದರು.
ಹೈಟೆಕ್ ಆಸ್ಪತ್ರೆ ಉದ್ಘಾಟನೆಗೆ ವಿಳಂಬ ಖಂಡಿಸಿ ಪ್ರತಿಭಟನೆ ನಡೆಸಲಾಯಿತು.
ಈ ಭಾಗದ ಸಾವಿರಾರು ಜನರು ಚಿಕಿತ್ಸೆಗಾಗಿ ದೂರದ ನಗರಗಳಿಗೆ ತೆರಳಬೇಕಾದ ಅನಿವಾರ್ಯತೆ ಇದೆ. ತುರ್ತು ಸಂದರ್ಭಗಳಲ್ಲಿ ರೋಗಿಗಳು ತೊಂದರೆ ಅನುಭವಿಸುತ್ತಿದ್ದಾರೆ. ಕೂಡಲೇ ಆಸ್ಪತ್ರೆ ಉದ್ಘಾಟಿಸಿ ಅಗತ್ಯ ವೈದ್ಯರು, ಸಿಬ್ಬಂದಿ ಹಾಗೂ ಉಪಕರಣಗಳನ್ನು ಒದಗಿಸಬೇಕು ಎಂದು ಒತ್ತಾಯಿಸಿದರು.
ಸ್ಥಳಕ್ಕೆ ಆಗಮಿಸಿದ ತಾಲೂಕು ಆರೋಗ್ಯಾಧಿಕಾರಿ ಮನವಿ ಸ್ವೀಕರಿಸಿ ಮೇಲಧಿಕಾರಿಗಳ ಗಮನಕ್ಕೆ ತರುವುದಾಗಿ ಭರವಸೆ ನೀಡಿದರು. ಪ್ರತಿಭಟನೆಯಲ್ಲಿ ರೈತ ಸಂಘ, ದಲಿತ ಸಂಘರ್ಷ ಸಮಿತಿ, ಕನ್ನಡಪರ ಸಂಘಟನೆಗಳ ಪದಾಧಿಕಾರಿಗಳು ಪಾಲ್ಗೊಂಡಿದ್ದರು.
ಹಾಸನೂರು, ಜೂ.9- ಕೋಟ್ಯಂತರ ರೂ. ವೆಚ್ಚದಲ್ಲಿ ನಿರ್ಮಾಣಗೊಂಡಿರುವ ಹೈಟೆಕ್ ಆಸ್ಪತ್ರೆ ಕಟ್ಟಡ ಕಾಮಗಾರಿ ಪೂರ್ಣಗೊಂಡು ತಿಂಗಳುಗಳೇ ಕಳೆದರೂ ಉದ್ಘಾಟನೆ ಮಾಡದೆ ವಿಳಂಬ ಮಾಡುತ್ತಿರುವುದನ್ನು ಖಂಡಿಸಿ ವಿವಿಧ ಸಂಘಟನೆಗಳ ಕಾರ್ಯಕರ್ತರು ಆಸ್ಪತ್ರೆ ಮುಂಭಾಗ ಪ್ರತಿಭಟನೆ ನಡೆಸಿದರು.
ಈ ಭಾಗದ ಸಾವಿರಾರು ಜನರು ಚಿಕಿತ್ಸೆಗಾಗಿ ದೂರದ ನಗರಗಳಿಗೆ ತೆರಳಬೇಕಾದ ಅನಿವಾರ್ಯತೆ ಇದೆ. ತುರ್ತು ಸಂದರ್ಭಗಳಲ್ಲಿ ರೋಗಿಗಳು ತೊಂದರೆ ಅನುಭವಿಸುತ್ತಿದ್ದಾರೆ. ಕೂಡಲೇ ಆಸ್ಪತ್ರೆ ಉದ್ಘಾಟಿಸಿ ಅಗತ್ಯ ವೈದ್ಯರು, ಸಿಬ್ಬಂದಿ ಹಾಗೂ ಉಪಕರಣಗಳನ್ನು ಒದಗಿಸಬೇಕು ಎಂದು ಒತ್ತಾಯಿಸಿದರು.
200ಕ್ಕೂ ಹೆಚ್ಚು ನೀಲಗಿರಿ ಗಿಡಗಳ ಕಳವು
ಚಾಮರಾಜನಗರ, ಜೂ.9- ಜಮೀನಿನಲ್ಲಿ ಬೆಳೆದಿದ್ದ 200ಕ್ಕೂ ಹೆಚ್ಚು ನೀಲಗಿರಿ ಮರಗಳನ್ನು ರಾತ್ರೋರಾತ್ರಿ ಕಡಿದು ಕಳವು ಮಾಡಿರುವ ಘಟನೆ ತಾಲೂಕಿನ ಗ್ರಾಮವೊಂದರಲ್ಲಿ ನಡೆದಿದೆ. ರೈತರು ಬೆಳಗ್ಗೆ ಜಮೀನಿಗೆ ತೆರಳಿದಾಗ ಘಟನೆ ಬೆಳಕಿಗೆ ಬಂದಿದ್ದು, ಸುಮಾರು ಲಕ್ಷಾಂತರ ರೂ. ಮೌಲ್ಯದ ಮರಗಳು ಕಳವಾಗಿವೆ. ಈ ಕುರಿತು ಠಾಣೆಯಲ್ಲಿ ಪ್ರಕರಣ ದಾಖಲಾಗಿದ್ದು, ಪೊಲೀಸರು ತನಿಖೆ ಕೈಗೊಂಡಿದ್ದಾರೆ. ಆರೋಪಿಗಳನ್ನು ಶೀಘ್ರ ಪತ್ತೆ ಹಚ್ಚುವಂತೆ ರೈತರು ಒತ್ತಾಯಿಸಿದ್ದಾರೆ.
ಚಾಮರಾಜನಗರ, ಜೂ.9- ಜಮೀನಿನಲ್ಲಿ ಬೆಳೆದಿದ್ದ 200ಕ್ಕೂ ಹೆಚ್ಚು ನೀಲಗಿರಿ ಮರಗಳನ್ನು ರಾತ್ರೋರಾತ್ರಿ ಕಡಿದು ಕಳವು ಮಾಡಿರುವ ಘಟನೆ ತಾಲೂಕಿನ ಗ್ರಾಮವೊಂದರಲ್ಲಿ ನಡೆದಿದೆ. ರೈತರು ಬೆಳಗ್ಗೆ ಜಮೀನಿಗೆ ತೆರಳಿದಾಗ ಘಟನೆ ಬೆಳಕಿಗೆ ಬಂದಿದ್ದು, ಸುಮಾರು ಲಕ್ಷಾಂತರ ರೂ. ಮೌಲ್ಯದ ಮರಗಳು ಕಳವಾಗಿವೆ. ಈ ಕುರಿತು ಠಾಣೆಯಲ್ಲಿ ಪ್ರಕರಣ ದಾಖಲಾಗಿದ್ದು, ಪೊಲೀಸರು ತನಿಖೆ ಕೈಗೊಂಡಿದ್ದಾರೆ. ಆರೋಪಿಗಳನ್ನು ಶೀಘ್ರ ಪತ್ತೆ ಹಚ್ಚುವಂತೆ ರೈತರು ಒತ್ತಾಯಿಸಿದ್ದಾರೆ.
